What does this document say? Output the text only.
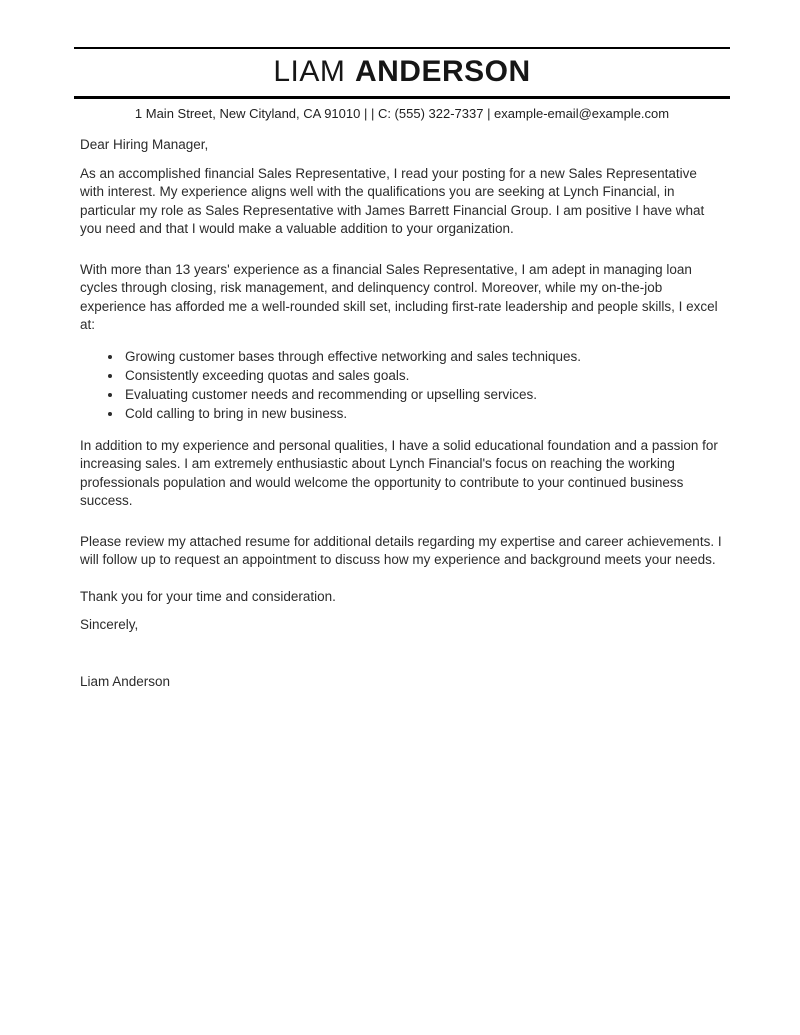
LIAM ANDERSON
1 Main Street, New Cityland, CA 91010 | | C: (555) 322-7337 | example-email@example.com

Dear Hiring Manager,

As an accomplished financial Sales Representative, I read your posting for a new Sales Representative with interest. My experience aligns well with the qualifications you are seeking at Lynch Financial, in particular my role as Sales Representative with James Barrett Financial Group. I am positive I have what you need and that I would make a valuable addition to your organization.

With more than 13 years' experience as a financial Sales Representative, I am adept in managing loan cycles through closing, risk management, and delinquency control. Moreover, while my on-the-job experience has afforded me a well-rounded skill set, including first-rate leadership and people skills, I excel at:

• Growing customer bases through effective networking and sales techniques.
• Consistently exceeding quotas and sales goals.
• Evaluating customer needs and recommending or upselling services.
• Cold calling to bring in new business.

In addition to my experience and personal qualities, I have a solid educational foundation and a passion for increasing sales. I am extremely enthusiastic about Lynch Financial's focus on reaching the working professionals population and would welcome the opportunity to contribute to your continued business success.

Please review my attached resume for additional details regarding my expertise and career achievements. I will follow up to request an appointment to discuss how my experience and background meets your needs.

Thank you for your time and consideration.

Sincerely,

Liam Anderson
